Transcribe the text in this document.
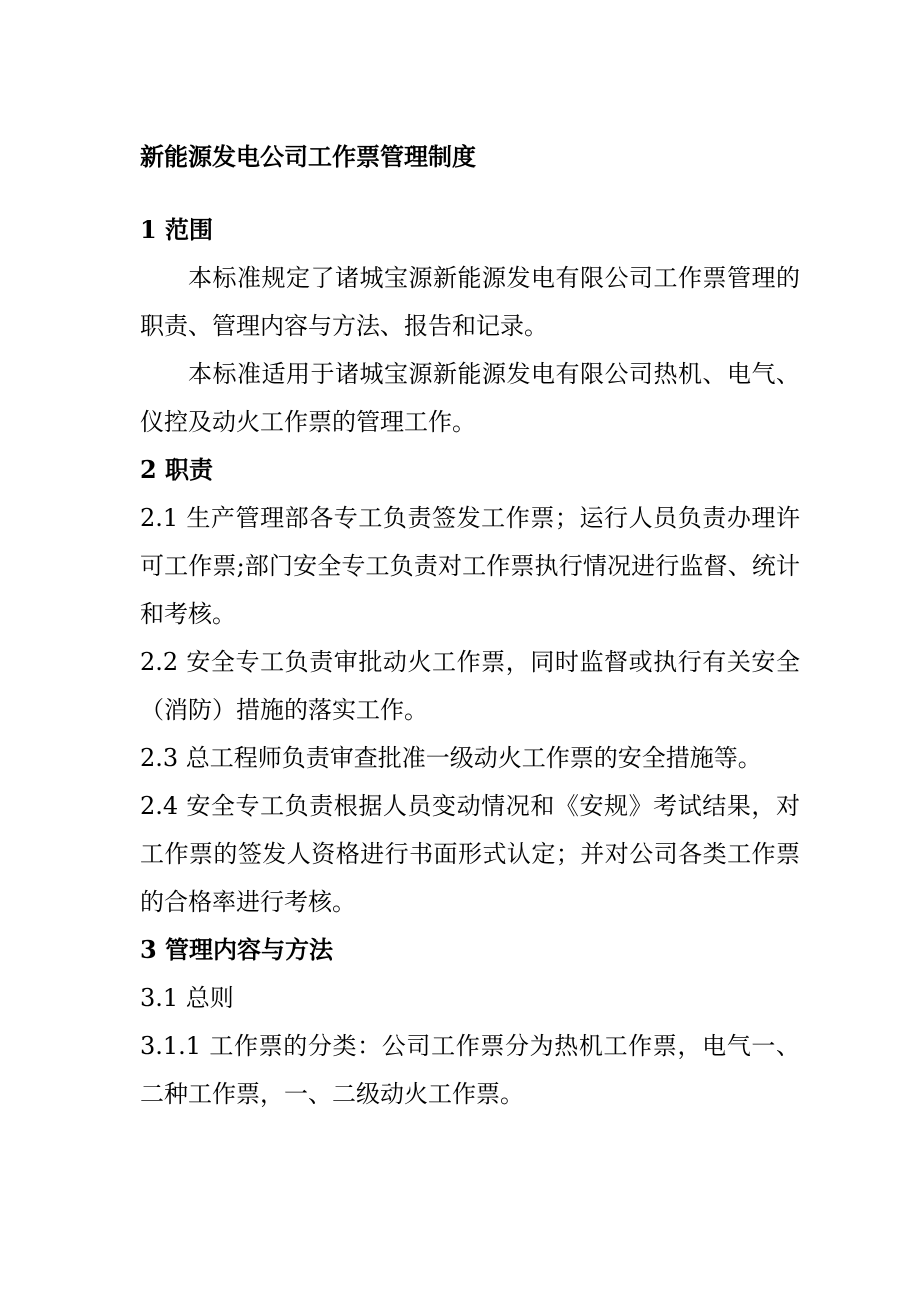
新能源发电公司工作票管理制度
1 范围

本标准规定了诸城宝源新能源发电有限公司工作票管理的职责、管理内容与方法、报告和记录。

本标准适用于诸城宝源新能源发电有限公司热机、电气、仪控及动火工作票的管理工作。

2 职责

2.1 生产管理部各专工负责签发工作票；运行人员负责办理许可工作票;部门安全专工负责对工作票执行情况进行监督、统计和考核。

2.2 安全专工负责审批动火工作票，同时监督或执行有关安全（消防）措施的落实工作。

2.3 总工程师负责审查批准一级动火工作票的安全措施等。

2.4 安全专工负责根据人员变动情况和《安规》考试结果，对工作票的签发人资格进行书面形式认定；并对公司各类工作票的合格率进行考核。

3 管理内容与方法

3.1 总则

3.1.1 工作票的分类：公司工作票分为热机工作票，电气一、二种工作票，一、二级动火工作票。
